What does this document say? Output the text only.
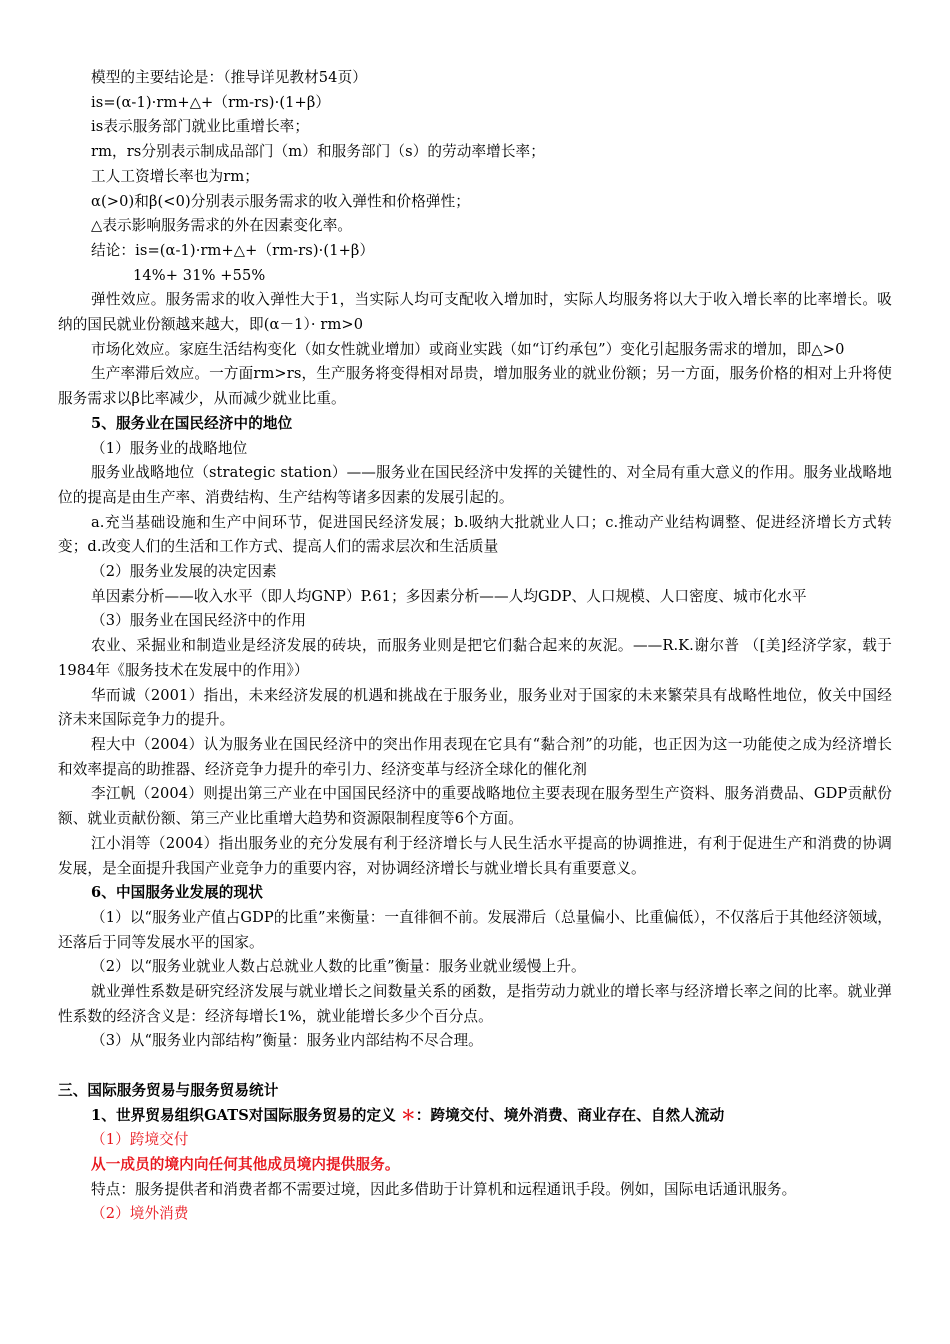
模型的主要结论是：（推导详见教材54页）

is=(α-1)·rm+△+（rm-rs)·(1+β）

is表示服务部门就业比重增长率；

rm，rs分别表示制成品部门（m）和服务部门（s）的劳动率增长率；

工人工资增长率也为rm；

α(>0)和β(<0)分别表示服务需求的收入弹性和价格弹性；

△表示影响服务需求的外在因素变化率。

结论：is=(α-1)·rm+△+（rm-rs)·(1+β）

14%+ 31% +55%

弹性效应。服务需求的收入弹性大于1，当实际人均可支配收入增加时，实际人均服务将以大于收入增长率的比率增长。吸纳的国民就业份额越来越大，即(α－1）· rm>0

市场化效应。家庭生活结构变化（如女性就业增加）或商业实践（如“订约承包”）变化引起服务需求的增加，即△>0

生产率滞后效应。一方面rm>rs，生产服务将变得相对昂贵，增加服务业的就业份额；另一方面，服务价格的相对上升将使服务需求以β比率减少，从而减少就业比重。

5、服务业在国民经济中的地位

（1）服务业的战略地位

服务业战略地位（strategic station）——服务业在国民经济中发挥的关键性的、对全局有重大意义的作用。服务业战略地位的提高是由生产率、消费结构、生产结构等诸多因素的发展引起的。

a.充当基础设施和生产中间环节，促进国民经济发展；b.吸纳大批就业人口；c.推动产业结构调整、促进经济增长方式转变；d.改变人们的生活和工作方式、提高人们的需求层次和生活质量

（2）服务业发展的决定因素

单因素分析——收入水平（即人均GNP）P.61；多因素分析——人均GDP、人口规模、人口密度、城市化水平

（3）服务业在国民经济中的作用

农业、采掘业和制造业是经济发展的砖块，而服务业则是把它们黏合起来的灰泥。——R.K.谢尔普 （[美]经济学家，载于1984年《服务技术在发展中的作用》）

华而诚（2001）指出，未来经济发展的机遇和挑战在于服务业，服务业对于国家的未来繁荣具有战略性地位，攸关中国经济未来国际竞争力的提升。

程大中（2004）认为服务业在国民经济中的突出作用表现在它具有“黏合剂”的功能，也正因为这一功能使之成为经济增长和效率提高的助推器、经济竞争力提升的牵引力、经济变革与经济全球化的催化剂

李江帆（2004）则提出第三产业在中国国民经济中的重要战略地位主要表现在服务型生产资料、服务消费品、GDP贡献份额、就业贡献份额、第三产业比重增大趋势和资源限制程度等6个方面。

江小涓等（2004）指出服务业的充分发展有利于经济增长与人民生活水平提高的协调推进，有利于促进生产和消费的协调发展，是全面提升我国产业竞争力的重要内容，对协调经济增长与就业增长具有重要意义。

6、中国服务业发展的现状

（1）以“服务业产值占GDP的比重”来衡量：一直徘徊不前。发展滞后（总量偏小、比重偏低），不仅落后于其他经济领域，还落后于同等发展水平的国家。

（2）以“服务业就业人数占总就业人数的比重”衡量：服务业就业缓慢上升。

就业弹性系数是研究经济发展与就业增长之间数量关系的函数，是指劳动力就业的增长率与经济增长率之间的比率。就业弹性系数的经济含义是：经济每增长1%，就业能增长多少个百分点。

（3）从“服务业内部结构”衡量：服务业内部结构不尽合理。

三、国际服务贸易与服务贸易统计

1、世界贸易组织GATS对国际服务贸易的定义 ＊：跨境交付、境外消费、商业存在、自然人流动

（1）跨境交付

从一成员的境内向任何其他成员境内提供服务。

特点：服务提供者和消费者都不需要过境，因此多借助于计算机和远程通讯手段。例如，国际电话通讯服务。

（2）境外消费
